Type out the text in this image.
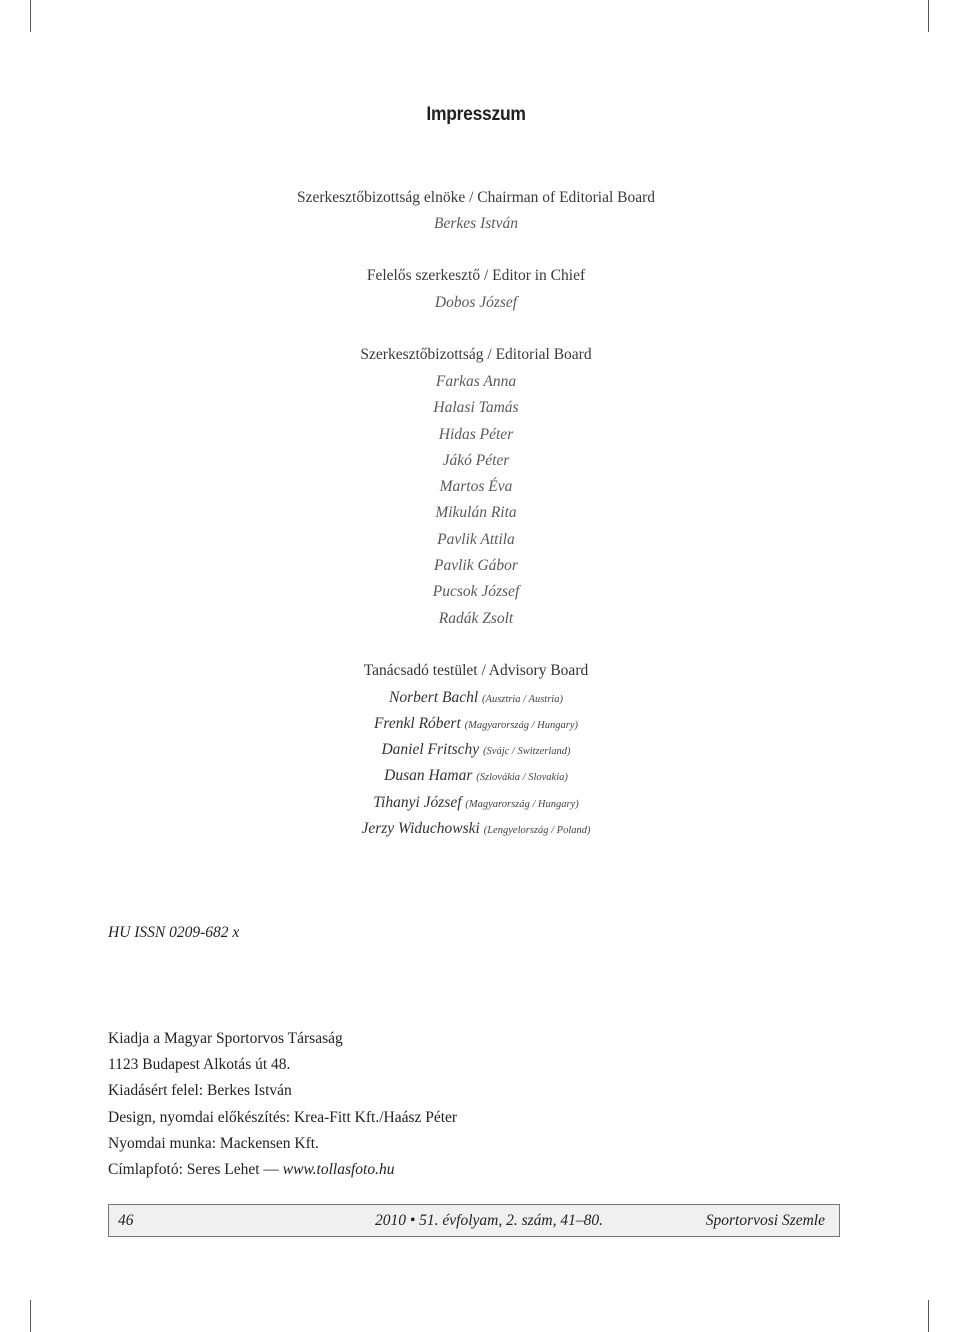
Impresszum
Szerkesztőbizottság elnöke / Chairman of Editorial Board
Berkes István
Felelős szerkesztő / Editor in Chief
Dobos József
Szerkesztőbizottság / Editorial Board
Farkas Anna
Halasi Tamás
Hidas Péter
Jákó Péter
Martos Éva
Mikulán Rita
Pavlik Attila
Pavlik Gábor
Pucsok József
Radák Zsolt
Tanácsadó testület / Advisory Board
Norbert Bachl (Ausztria / Austria)
Frenkl Róbert (Magyarország / Hungary)
Daniel Fritschy (Svájc / Switzerland)
Dusan Hamar (Szlovákia / Slovakia)
Tihanyi József (Magyarország / Hungary)
Jerzy Widuchowski (Lengyelország / Poland)
HU ISSN 0209-682 x
Kiadja a Magyar Sportorvos Társaság
1123 Budapest Alkotás út 48.
Kiadásért felel: Berkes István
Design, nyomdai előkészítés: Krea-Fitt Kft./Haász Péter
Nyomdai munka: Mackensen Kft.
Címlapfotó: Seres Lehet — www.tollasfoto.hu
46	2010 • 51. évfolyam, 2. szám, 41–80.	Sportorvosi Szemle
